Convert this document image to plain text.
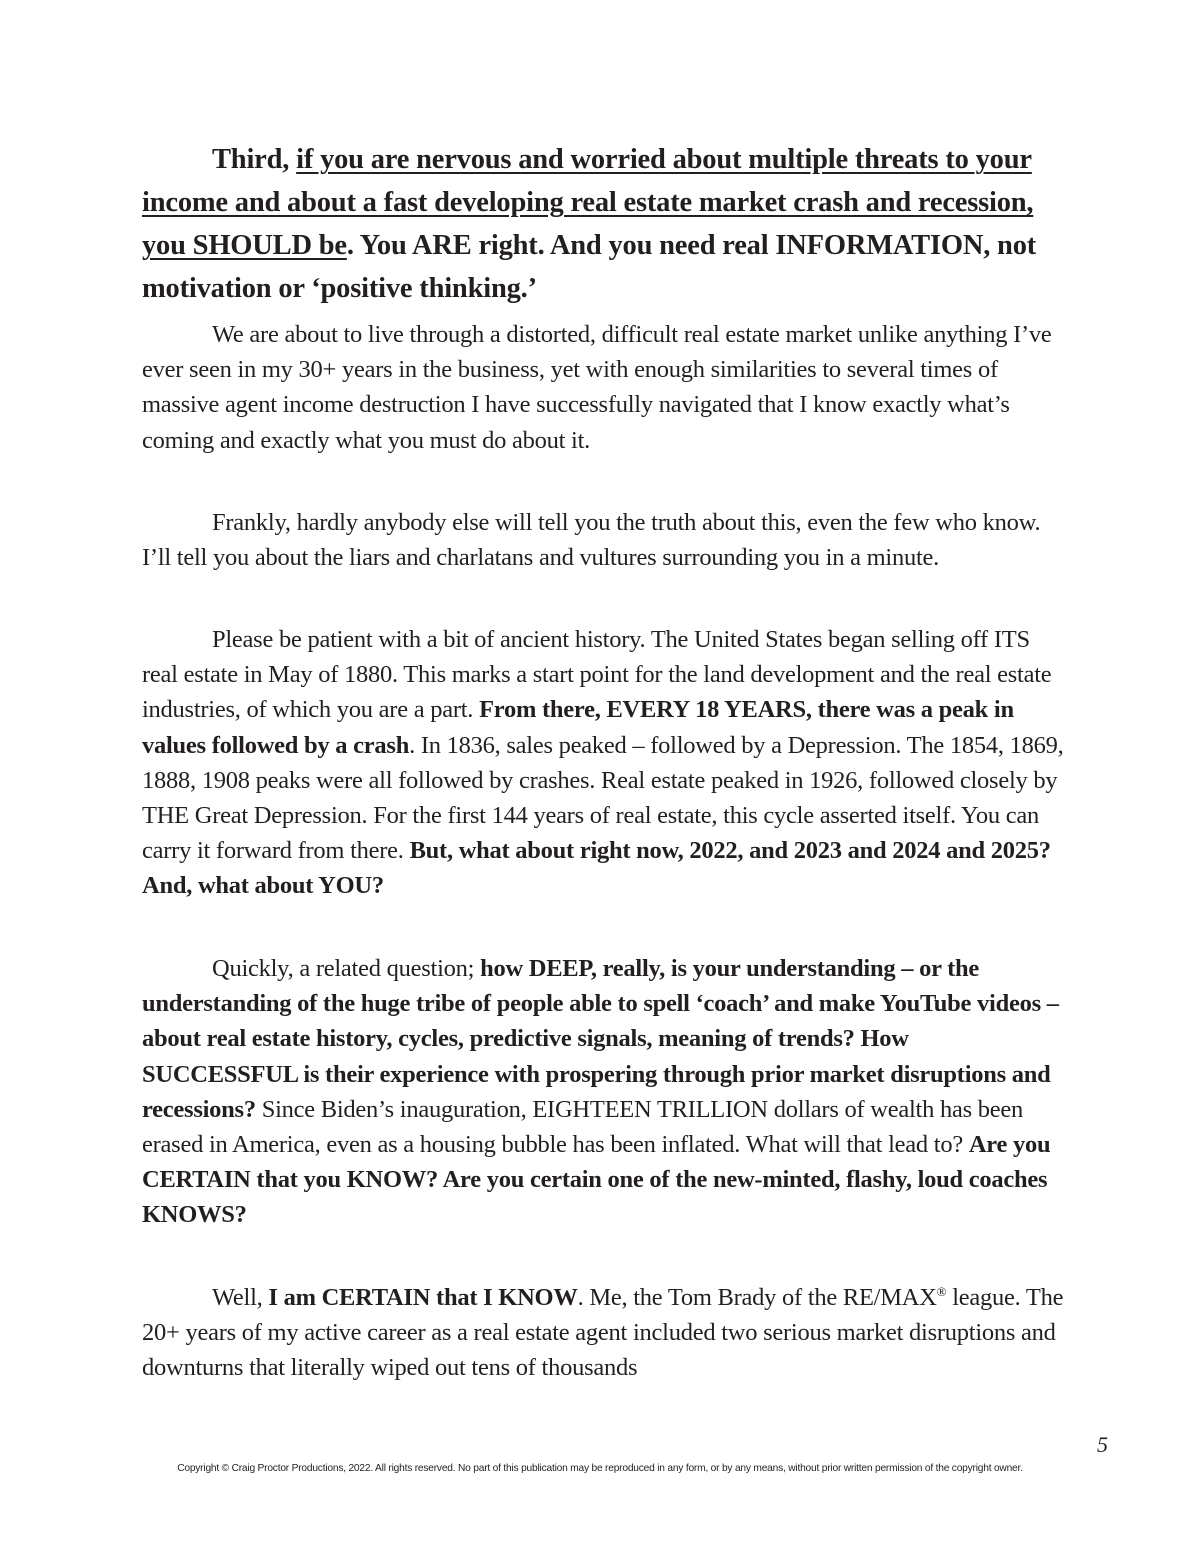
Third, if you are nervous and worried about multiple threats to your income and about a fast developing real estate market crash and recession, you SHOULD be. You ARE right. And you need real INFORMATION, not motivation or ‘positive thinking.’

We are about to live through a distorted, difficult real estate market unlike anything I’ve ever seen in my 30+ years in the business, yet with enough similarities to several times of massive agent income destruction I have successfully navigated that I know exactly what’s coming and exactly what you must do about it.

Frankly, hardly anybody else will tell you the truth about this, even the few who know. I’ll tell you about the liars and charlatans and vultures surrounding you in a minute.

Please be patient with a bit of ancient history. The United States began selling off ITS real estate in May of 1880. This marks a start point for the land development and the real estate industries, of which you are a part. From there, EVERY 18 YEARS, there was a peak in values followed by a crash. In 1836, sales peaked – followed by a Depression. The 1854, 1869, 1888, 1908 peaks were all followed by crashes. Real estate peaked in 1926, followed closely by THE Great Depression. For the first 144 years of real estate, this cycle asserted itself. You can carry it forward from there. But, what about right now, 2022, and 2023 and 2024 and 2025? And, what about YOU?

Quickly, a related question; how DEEP, really, is your understanding – or the understanding of the huge tribe of people able to spell ‘coach’ and make YouTube videos – about real estate history, cycles, predictive signals, meaning of trends? How SUCCESSFUL is their experience with prospering through prior market disruptions and recessions? Since Biden’s inauguration, EIGHTEEN TRILLION dollars of wealth has been erased in America, even as a housing bubble has been inflated. What will that lead to? Are you CERTAIN that you KNOW? Are you certain one of the new-minted, flashy, loud coaches KNOWS?

Well, I am CERTAIN that I KNOW. Me, the Tom Brady of the RE/MAX® league. The 20+ years of my active career as a real estate agent included two serious market disruptions and downturns that literally wiped out tens of thousands

5
Copyright © Craig Proctor Productions, 2022. All rights reserved. No part of this publication may be reproduced in any form, or by any means, without prior written permission of the copyright owner.
